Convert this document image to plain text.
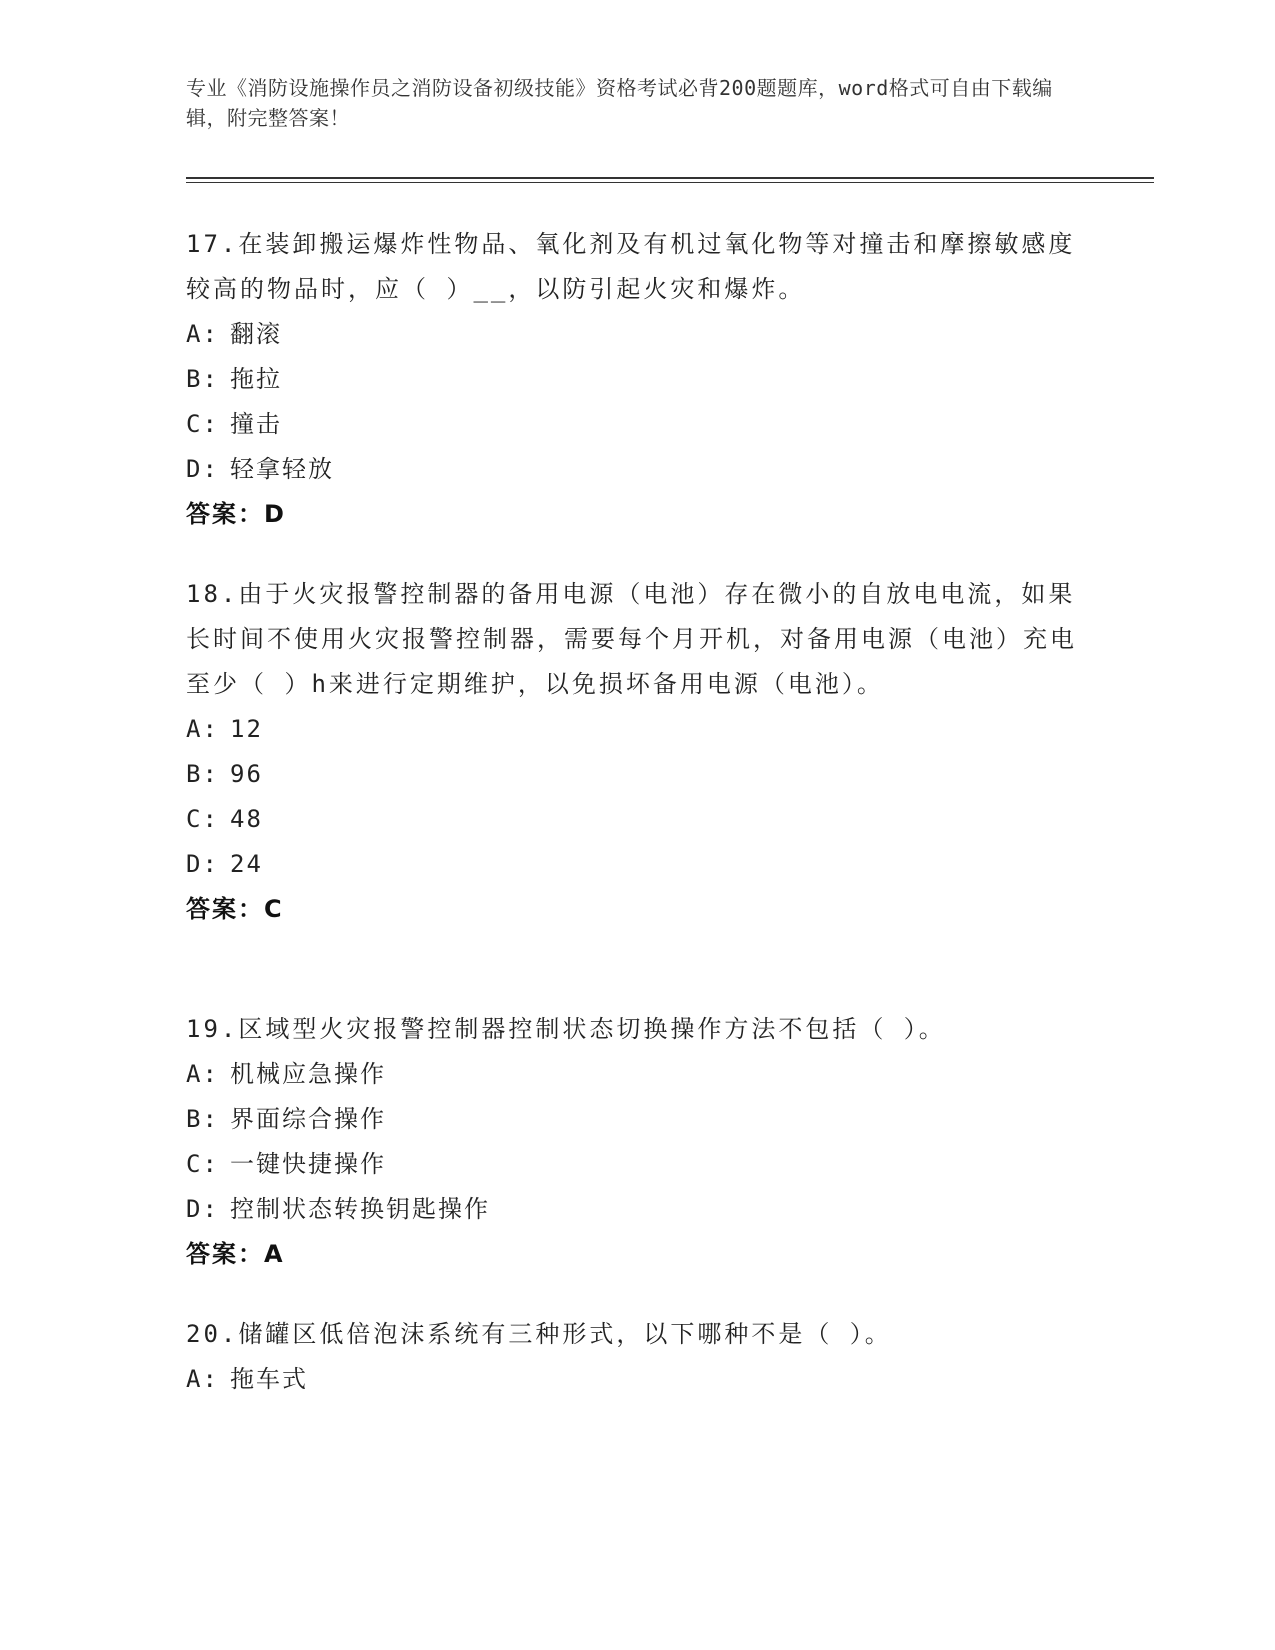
专业《消防设施操作员之消防设备初级技能》资格考试必背200题题库，word格式可自由下载编辑，附完整答案！

17.在装卸搬运爆炸性物品、氧化剂及有机过氧化物等对撞击和摩擦敏感度较高的物品时，应（ ）__，以防引起火灾和爆炸。

A: 翻滚
B: 拖拉
C: 撞击
D: 轻拿轻放
答案：D

18.由于火灾报警控制器的备用电源（电池）存在微小的自放电电流，如果长时间不使用火灾报警控制器，需要每个月开机，对备用电源（电池）充电至少（ ）h来进行定期维护，以免损坏备用电源（电池）。

A: 12
B: 96
C: 48
D: 24
答案：C

19.区域型火灾报警控制器控制状态切换操作方法不包括（ ）。

A: 机械应急操作
B: 界面综合操作
C: 一键快捷操作
D: 控制状态转换钥匙操作
答案：A

20.储罐区低倍泡沫系统有三种形式，以下哪种不是（ ）。

A: 拖车式
